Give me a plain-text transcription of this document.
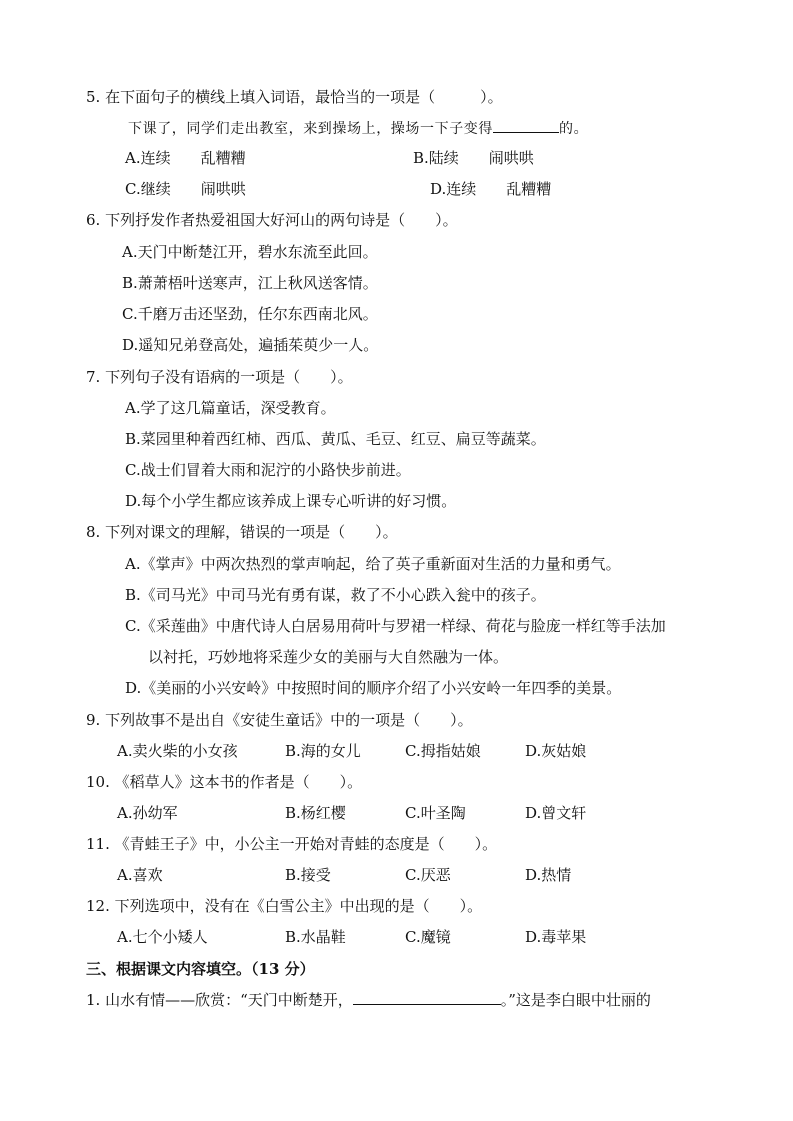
5. 在下面句子的横线上填入词语，最恰当的一项是（　　　）。
下课了，同学们走出教室，来到操场上，操场一下子变得	的。
A.连续　　乱糟糟	B.陆续　　闹哄哄
C.继续　　闹哄哄	D.连续　　乱糟糟
6. 下列抒发作者热爱祖国大好河山的两句诗是（　　）。
A.天门中断楚江开，碧水东流至此回。
B.萧萧梧叶送寒声，江上秋风送客情。
C.千磨万击还坚劲，任尔东西南北风。
D.遥知兄弟登高处，遍插茱萸少一人。
7. 下列句子没有语病的一项是（　　）。
A.学了这几篇童话，深受教育。
B.菜园里种着西红柿、西瓜、黄瓜、毛豆、红豆、扁豆等蔬菜。
C.战士们冒着大雨和泥泞的小路快步前进。
D.每个小学生都应该养成上课专心听讲的好习惯。
8. 下列对课文的理解，错误的一项是（　　）。
A.《掌声》中两次热烈的掌声响起，给了英子重新面对生活的力量和勇气。
B.《司马光》中司马光有勇有谋，救了不小心跌入瓮中的孩子。
C.《采莲曲》中唐代诗人白居易用荷叶与罗裙一样绿、荷花与脸庞一样红等手法加
以衬托，巧妙地将采莲少女的美丽与大自然融为一体。
D.《美丽的小兴安岭》中按照时间的顺序介绍了小兴安岭一年四季的美景。
9. 下列故事不是出自《安徒生童话》中的一项是（　　）。
A.卖火柴的小女孩	B.海的女儿	C.拇指姑娘	D.灰姑娘
10. 《稻草人》这本书的作者是（　　）。
A.孙幼军	B.杨红樱	C.叶圣陶	D.曾文轩
11. 《青蛙王子》中，小公主一开始对青蛙的态度是（　　）。
A.喜欢	B.接受	C.厌恶	D.热情
12. 下列选项中，没有在《白雪公主》中出现的是（　　）。
A.七个小矮人	B.水晶鞋	C.魔镜	D.毒苹果
三、根据课文内容填空。（13 分）
1. 山水有情——欣赏：“天门中断楚开，	。”这是李白眼中壮丽的
